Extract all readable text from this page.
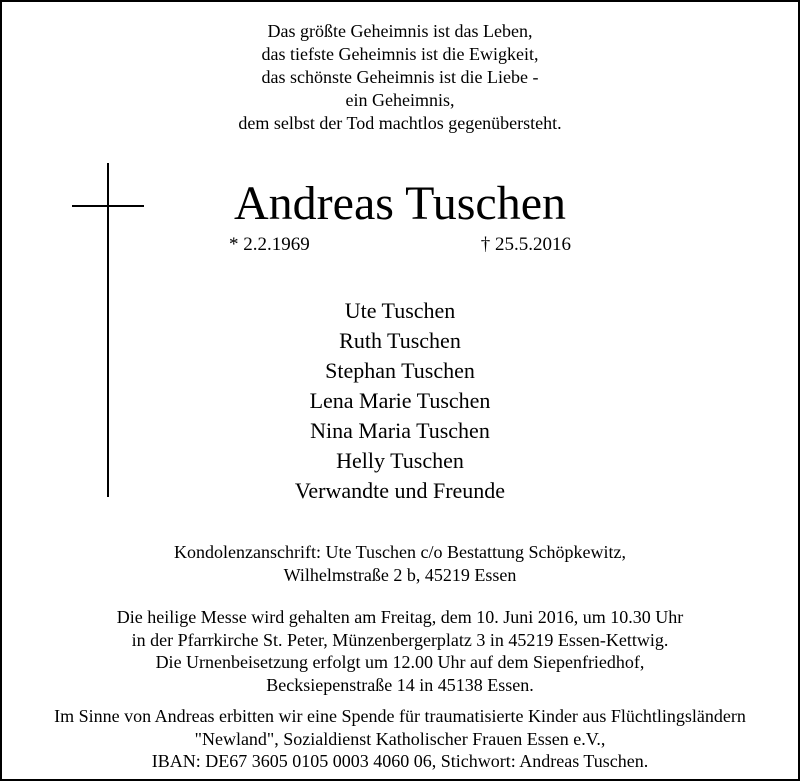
Das größte Geheimnis ist das Leben,
das tiefste Geheimnis ist die Ewigkeit,
das schönste Geheimnis ist die Liebe -
ein Geheimnis,
dem selbst der Tod machtlos gegenübersteht.
Andreas Tuschen
* 2.2.1969	† 25.5.2016
Ute Tuschen
Ruth Tuschen
Stephan Tuschen
Lena Marie Tuschen
Nina Maria Tuschen
Helly Tuschen
Verwandte und Freunde
Kondolenzanschrift: Ute Tuschen c/o Bestattung Schöpkewitz,
Wilhelmstraße 2 b, 45219 Essen
Die heilige Messe wird gehalten am Freitag, dem 10. Juni 2016, um 10.30 Uhr
in der Pfarrkirche St. Peter, Münzenbergerplatz 3 in 45219 Essen-Kettwig.
Die Urnenbeisetzung erfolgt um 12.00 Uhr auf dem Siepenfriedhof,
Becksiepenstraße 14 in 45138 Essen.
Im Sinne von Andreas erbitten wir eine Spende für traumatisierte Kinder aus Flüchtlingsländern
"Newland", Sozialdienst Katholischer Frauen Essen e.V.,
IBAN: DE67 3605 0105 0003 4060 06, Stichwort: Andreas Tuschen.
